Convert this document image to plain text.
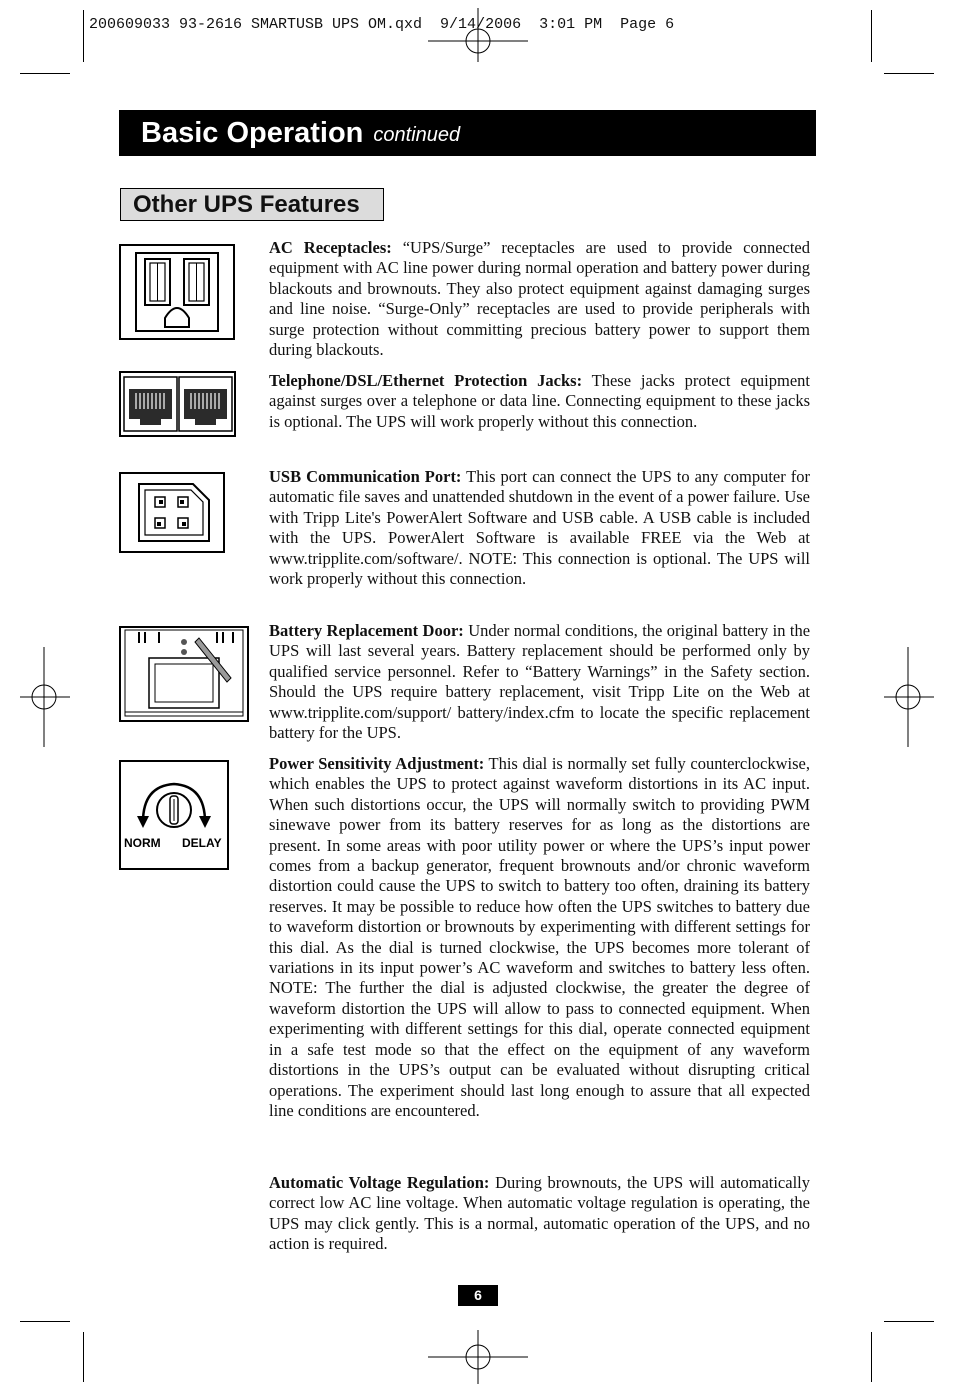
200609033 93-2616 SMARTUSB UPS OM.qxd  9/14/2006  3:01 PM  Page 6
Basic Operation continued
Other UPS Features
NORM DELAY

AC Receptacles: “UPS/Surge” receptacles are used to provide connected equipment with AC line power during normal operation and battery power during blackouts and brownouts. They also protect equipment against damaging surges and line noise. “Surge-Only” receptacles are used to provide peripherals with surge protection without committing precious battery power to support them during blackouts.

Telephone/DSL/Ethernet Protection Jacks: These jacks protect equipment against surges over a telephone or data line. Connecting equipment to these jacks is optional. The UPS will work properly without this connection.

USB Communication Port: This port can connect the UPS to any computer for automatic file saves and unattended shutdown in the event of a power failure. Use with Tripp Lite's PowerAlert Software and USB cable. A USB cable is included with the UPS. PowerAlert Software is available FREE via the Web at www.tripplite.com/software/. NOTE: This connection is optional. The UPS will work properly without this connection.

Battery Replacement Door: Under normal conditions, the original battery in the UPS will last several years. Battery replacement should be performed only by qualified service personnel. Refer to “Battery Warnings” in the Safety section. Should the UPS require battery replacement, visit Tripp Lite on the Web at www.tripplite.com/support/ battery/index.cfm to locate the specific replacement battery for the UPS.

Power Sensitivity Adjustment: This dial is normally set fully counterclockwise, which enables the UPS to protect against waveform distortions in its AC input. When such distortions occur, the UPS will normally switch to providing PWM sinewave power from its battery reserves for as long as the distortions are present. In some areas with poor utility power or where the UPS’s input power comes from a backup generator, frequent brownouts and/or chronic waveform distortion could cause the UPS to switch to battery too often, draining its battery reserves. It may be possible to reduce how often the UPS switches to battery due to waveform distortion or brownouts by experimenting with different settings for this dial. As the dial is turned clockwise, the UPS becomes more tolerant of variations in its input power’s AC waveform and switches to battery less often. NOTE: The further the dial is adjusted clockwise, the greater the degree of waveform distortion the UPS will allow to pass to connected equipment. When experimenting with different settings for this dial, operate connected equipment in a safe test mode so that the effect on the equipment of any waveform distortions in the UPS’s output can be evaluated without disrupting critical operations. The experiment should last long enough to assure that all expected line conditions are encountered.

Automatic Voltage Regulation: During brownouts, the UPS will automatically correct low AC line voltage. When automatic voltage regulation is operating, the UPS may click gently. This is a normal, automatic operation of the UPS, and no action is required.

6
